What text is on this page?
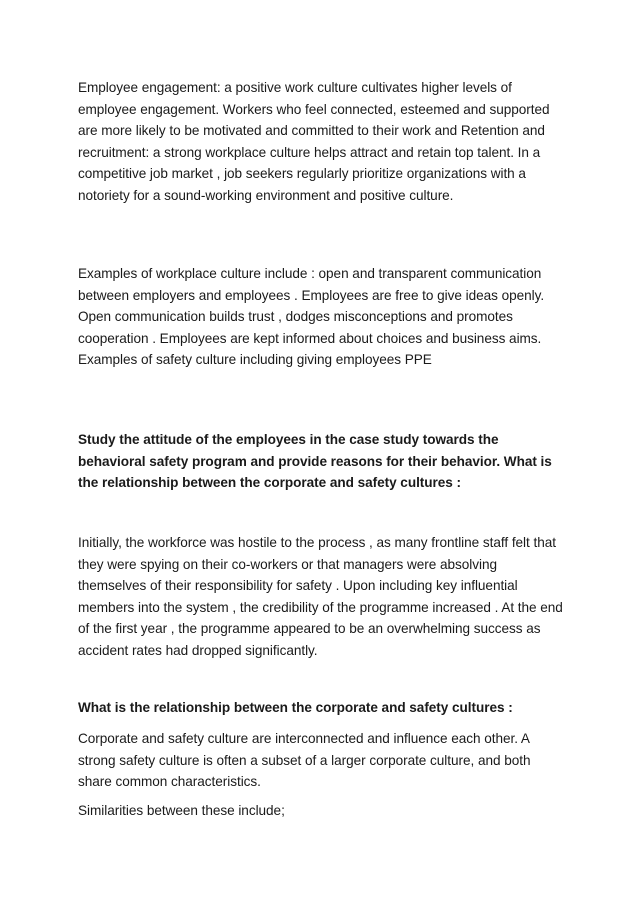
Employee engagement: a positive work culture cultivates higher levels of employee engagement. Workers who feel connected, esteemed and supported are more likely to be motivated and committed to their work and Retention and recruitment: a strong workplace culture helps attract and retain top talent. In a competitive job market , job seekers regularly prioritize organizations with a notoriety for a sound-working environment and positive culture.

Examples of workplace culture include : open and transparent communication between employers and employees . Employees are free to give ideas openly. Open communication builds trust , dodges misconceptions and promotes cooperation . Employees are kept informed about choices and business aims. Examples of safety culture including giving employees PPE

Study the attitude of the employees in the case study towards the behavioral safety program and provide reasons for their behavior. What is the relationship between the corporate and safety cultures :

Initially, the workforce was hostile to the process , as many frontline staff felt that they were spying on their co-workers or that managers were absolving themselves of their responsibility for safety . Upon including key influential members into the system , the credibility of the programme increased . At the end of the first year , the programme appeared to be an overwhelming success as accident rates had dropped significantly.

What is the relationship between the corporate and safety cultures :

Corporate and safety culture are interconnected and influence each other. A strong safety culture is often a subset of a larger corporate culture, and both share common characteristics.

Similarities between these include;
